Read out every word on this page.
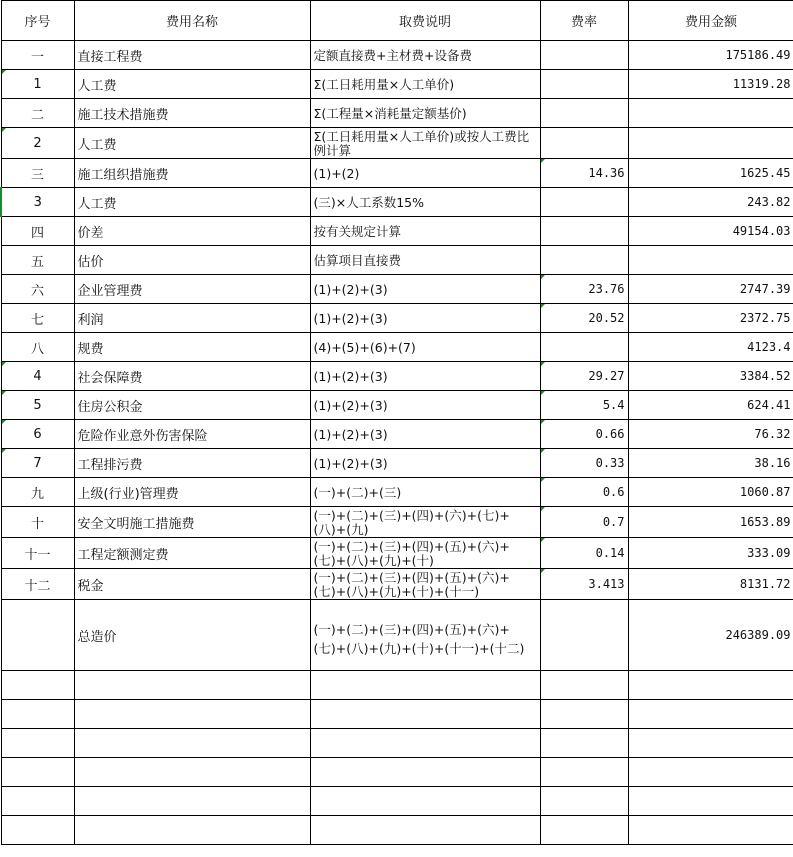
序号	费用名称	取费说明	费率	费用金额
一	直接工程费	定额直接费+主材费+设备费		175186.49
1	人工费	Σ(工日耗用量×人工单价)		11319.28
二	施工技术措施费	Σ(工程量×消耗量定额基价)		
2	人工费	Σ(工日耗用量×人工单价)或按人工费比例计算		
三	施工组织措施费	(1)+(2)	14.36	1625.45
3	人工费	(三)×人工系数15%		243.82
四	价差	按有关规定计算		49154.03
五	估价	估算项目直接费		
六	企业管理费	(1)+(2)+(3)	23.76	2747.39
七	利润	(1)+(2)+(3)	20.52	2372.75
八	规费	(4)+(5)+(6)+(7)		4123.4
4	社会保障费	(1)+(2)+(3)	29.27	3384.52
5	住房公积金	(1)+(2)+(3)	5.4	624.41
6	危险作业意外伤害保险	(1)+(2)+(3)	0.66	76.32
7	工程排污费	(1)+(2)+(3)	0.33	38.16
九	上级(行业)管理费	(一)+(二)+(三)	0.6	1060.87
十	安全文明施工措施费	(一)+(二)+(三)+(四)+(六)+(七)+(八)+(九)	0.7	1653.89
十一	工程定额测定费	(一)+(二)+(三)+(四)+(五)+(六)+(七)+(八)+(九)+(十)	0.14	333.09
十二	税金	(一)+(二)+(三)+(四)+(五)+(六)+(七)+(八)+(九)+(十)+(十一)	3.413	8131.72
	总造价	(一)+(二)+(三)+(四)+(五)+(六)+(七)+(八)+(九)+(十)+(十一)+(十二)		246389.09
